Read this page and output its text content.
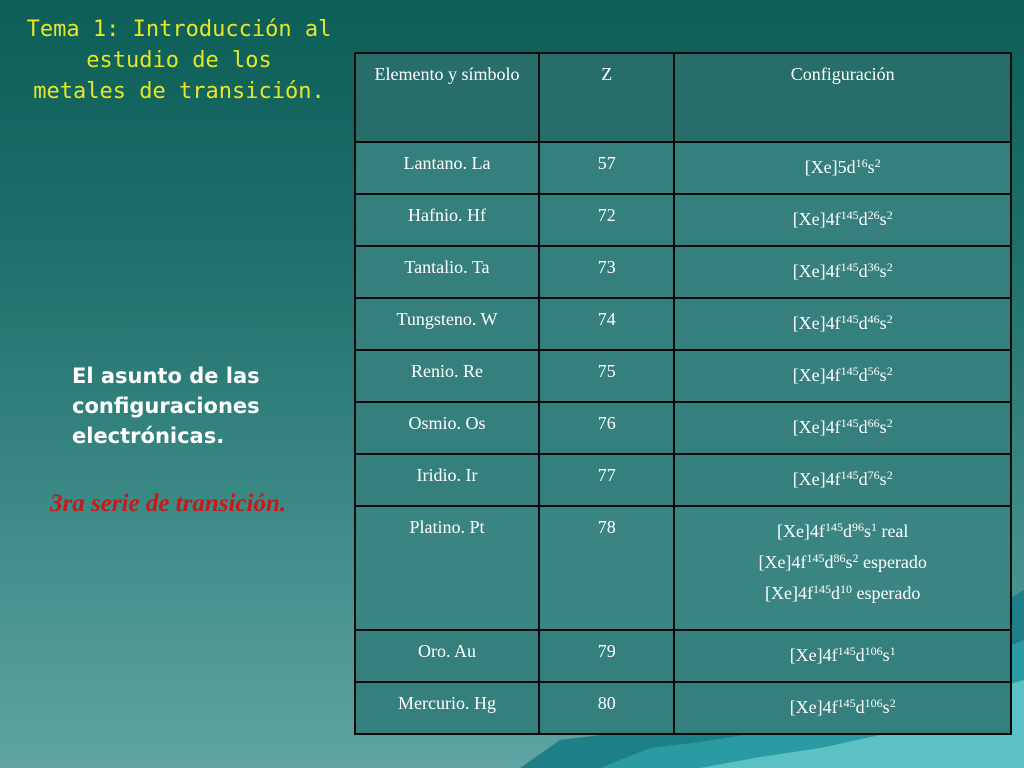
Tema 1: Introducción al
estudio de los
metales de transición.
El asunto de las
configuraciones
electrónicas.
3ra serie de transición.
Elemento y símbolo	Z	Configuración
Lantano. La	57	$[Xe]5d^{16}s^2$

Hafnio. Hf	72	$[Xe]4f^{145}d^{26}s^2$

Tantalio. Ta	73	$[Xe]4f^{145}d^{36}s^2$

Tungsteno. W	74	$[Xe]4f^{145}d^{46}s^2$

Renio. Re	75	$[Xe]4f^{145}d^{56}s^2$

Osmio. Os	76	$[Xe]4f^{145}d^{66}s^2$

Iridio. Ir	77	$[Xe]4f^{145}d^{76}s^2$

Platino. Pt	78	$[Xe]4f^{145}d^{96}s^1$ real
$[Xe]4f^{145}d^{86}s^2$ esperado
$[Xe]4f^{145}d^{10}$ esperado

Oro. Au	79	$[Xe]4f^{145}d^{106}s^1$

Mercurio. Hg	80	$[Xe]4f^{145}d^{106}s^2$
